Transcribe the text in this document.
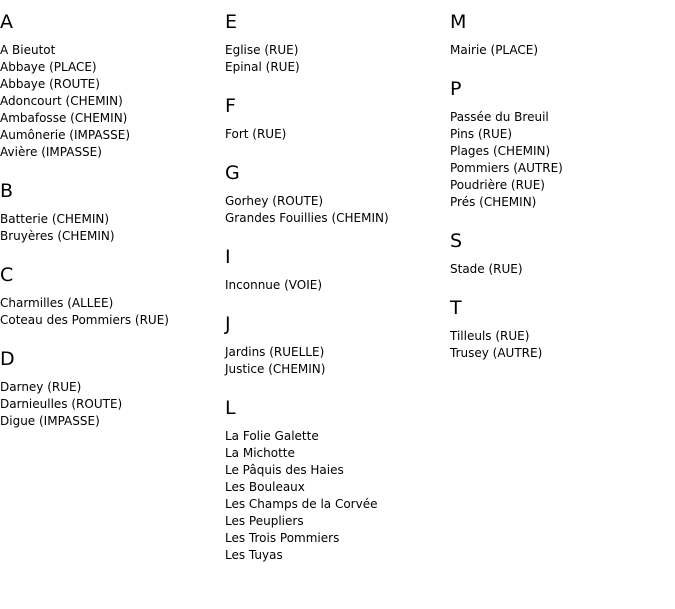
A
A Bieutot
Abbaye (PLACE)
Abbaye (ROUTE)
Adoncourt (CHEMIN)
Ambafosse (CHEMIN)
Aumônerie (IMPASSE)
Avière (IMPASSE)
B
Batterie (CHEMIN)
Bruyères (CHEMIN)
C
Charmilles (ALLEE)
Coteau des Pommiers (RUE)
D
Darney (RUE)
Darnieulles (ROUTE)
Digue (IMPASSE)
E
Eglise (RUE)
Epinal (RUE)
F
Fort (RUE)
G
Gorhey (ROUTE)
Grandes Fouillies (CHEMIN)
I
Inconnue (VOIE)
J
Jardins (RUELLE)
Justice (CHEMIN)
L
La Folie Galette
La Michotte
Le Pâquis des Haies
Les Bouleaux
Les Champs de la Corvée
Les Peupliers
Les Trois Pommiers
Les Tuyas
M
Mairie (PLACE)
P
Passée du Breuil
Pins (RUE)
Plages (CHEMIN)
Pommiers (AUTRE)
Poudrière (RUE)
Prés (CHEMIN)
S
Stade (RUE)
T
Tilleuls (RUE)
Trusey (AUTRE)
